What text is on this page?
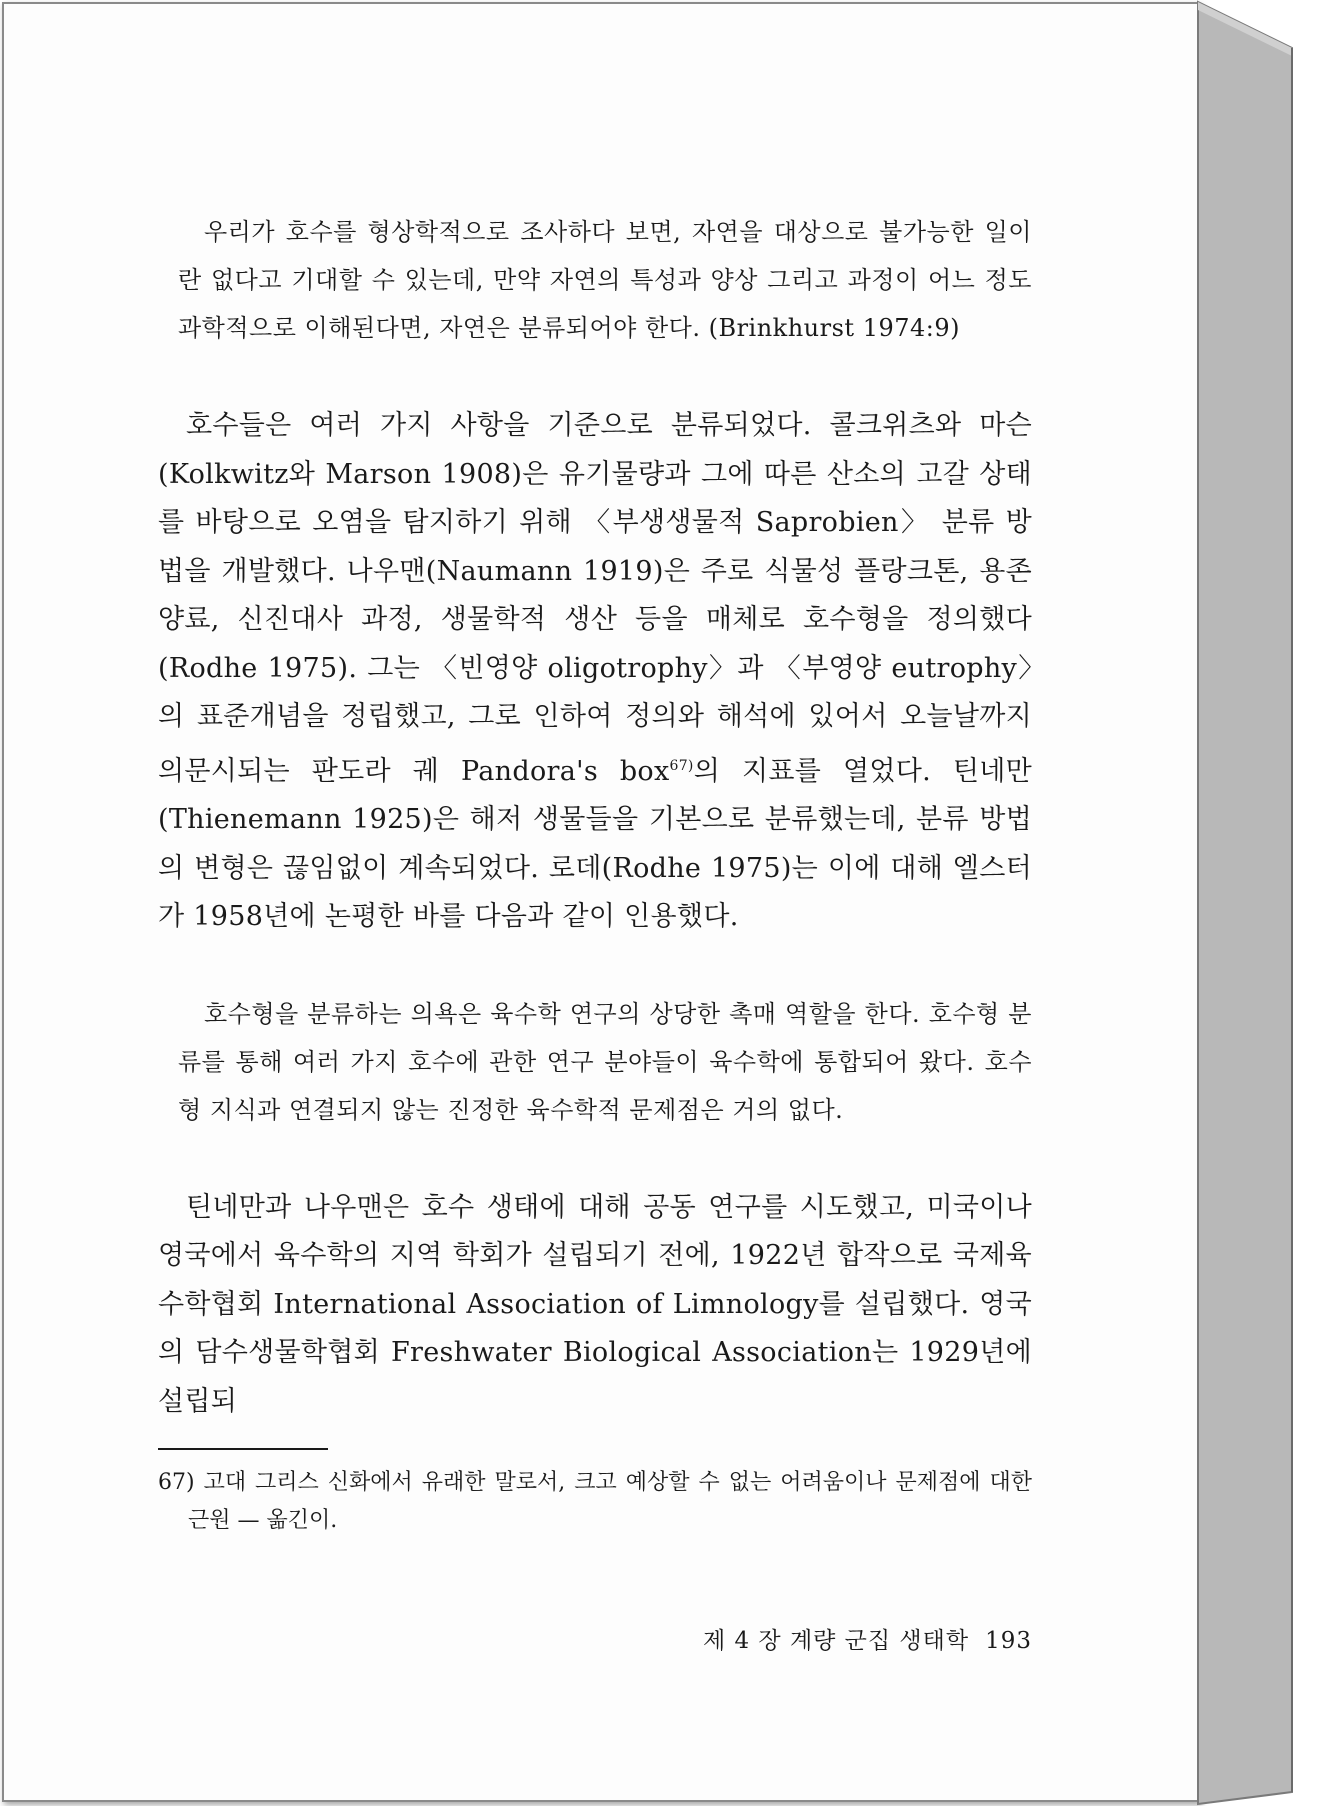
우리가 호수를 형상학적으로 조사하다 보면, 자연을 대상으로 불가능한 일이란 없다고 기대할 수 있는데, 만약 자연의 특성과 양상 그리고 과정이 어느 정도 과학적으로 이해된다면, 자연은 분류되어야 한다. (Brinkhurst 1974:9)

호수들은 여러 가지 사항을 기준으로 분류되었다. 콜크위츠와 마슨(Kolkwitz와 Marson 1908)은 유기물량과 그에 따른 산소의 고갈 상태를 바탕으로 오염을 탐지하기 위해 〈부생생물적 Saprobien〉 분류 방법을 개발했다. 나우맨(Naumann 1919)은 주로 식물성 플랑크톤, 용존양료, 신진대사 과정, 생물학적 생산 등을 매체로 호수형을 정의했다(Rodhe 1975). 그는 〈빈영양 oligotrophy〉과 〈부영양 eutrophy〉의 표준개념을 정립했고, 그로 인하여 정의와 해석에 있어서 오늘날까지 의문시되는 판도라 궤 Pandora's box$^{67)}$의 지표를 열었다. 틴네만(Thienemann 1925)은 해저 생물들을 기본으로 분류했는데, 분류 방법의 변형은 끊임없이 계속되었다. 로데(Rodhe 1975)는 이에 대해 엘스터가 1958년에 논평한 바를 다음과 같이 인용했다.

호수형을 분류하는 의욕은 육수학 연구의 상당한 촉매 역할을 한다. 호수형 분류를 통해 여러 가지 호수에 관한 연구 분야들이 육수학에 통합되어 왔다. 호수형 지식과 연결되지 않는 진정한 육수학적 문제점은 거의 없다.

틴네만과 나우맨은 호수 생태에 대해 공동 연구를 시도했고, 미국이나 영국에서 육수학의 지역 학회가 설립되기 전에, 1922년 합작으로 국제육수학협회 International Association of Limnology를 설립했다. 영국의 담수생물학협회 Freshwater Biological Association는 1929년에 설립되

67) 고대 그리스 신화에서 유래한 말로서, 크고 예상할 수 없는 어려움이나 문제점에 대한 근원 — 옮긴이.

제 4 장 계량 군집 생태학 193
